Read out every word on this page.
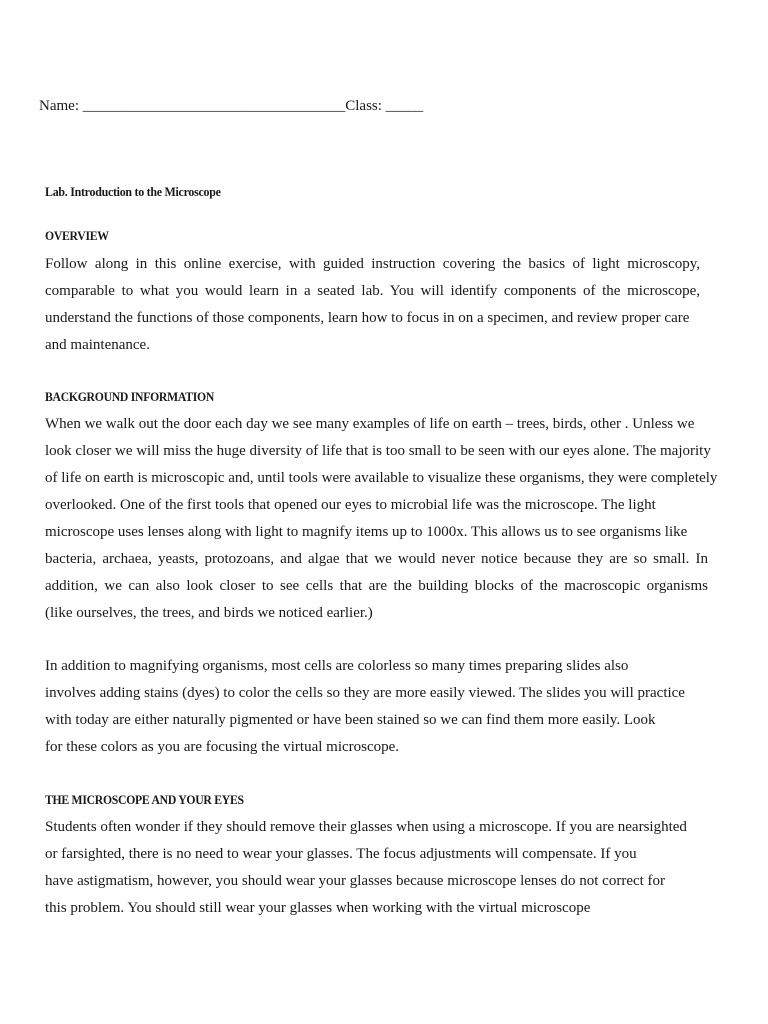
Name: ___________________________________Class: _____
Lab. Introduction to the Microscope
OVERVIEW
Follow along in this online exercise, with guided instruction covering the basics of light microscopy,
comparable to what you would learn in a seated lab. You will identify components of the microscope,
understand the functions of those components, learn how to focus in on a specimen, and review proper care
and maintenance.
BACKGROUND INFORMATION
When we walk out the door each day we see many examples of life on earth – trees, birds, other . Unless we
look closer we will miss the huge diversity of life that is too small to be seen with our eyes alone. The majority
of life on earth is microscopic and, until tools were available to visualize these organisms, they were completely
overlooked. One of the first tools that opened our eyes to microbial life was the microscope. The light
microscope uses lenses along with light to magnify items up to 1000x. This allows us to see organisms like
bacteria, archaea, yeasts, protozoans, and algae that we would never notice because they are so small. In
addition, we can also look closer to see cells that are the building blocks of the macroscopic organisms
(like ourselves, the trees, and birds we noticed earlier.)
In addition to magnifying organisms, most cells are colorless so many times preparing slides also
involves adding stains (dyes) to color the cells so they are more easily viewed. The slides you will practice
with today are either naturally pigmented or have been stained so we can find them more easily. Look
for these colors as you are focusing the virtual microscope.
THE MICROSCOPE AND YOUR EYES
Students often wonder if they should remove their glasses when using a microscope. If you are nearsighted
or farsighted, there is no need to wear your glasses. The focus adjustments will compensate. If you
have astigmatism, however, you should wear your glasses because microscope lenses do not correct for
this problem. You should still wear your glasses when working with the virtual microscope
